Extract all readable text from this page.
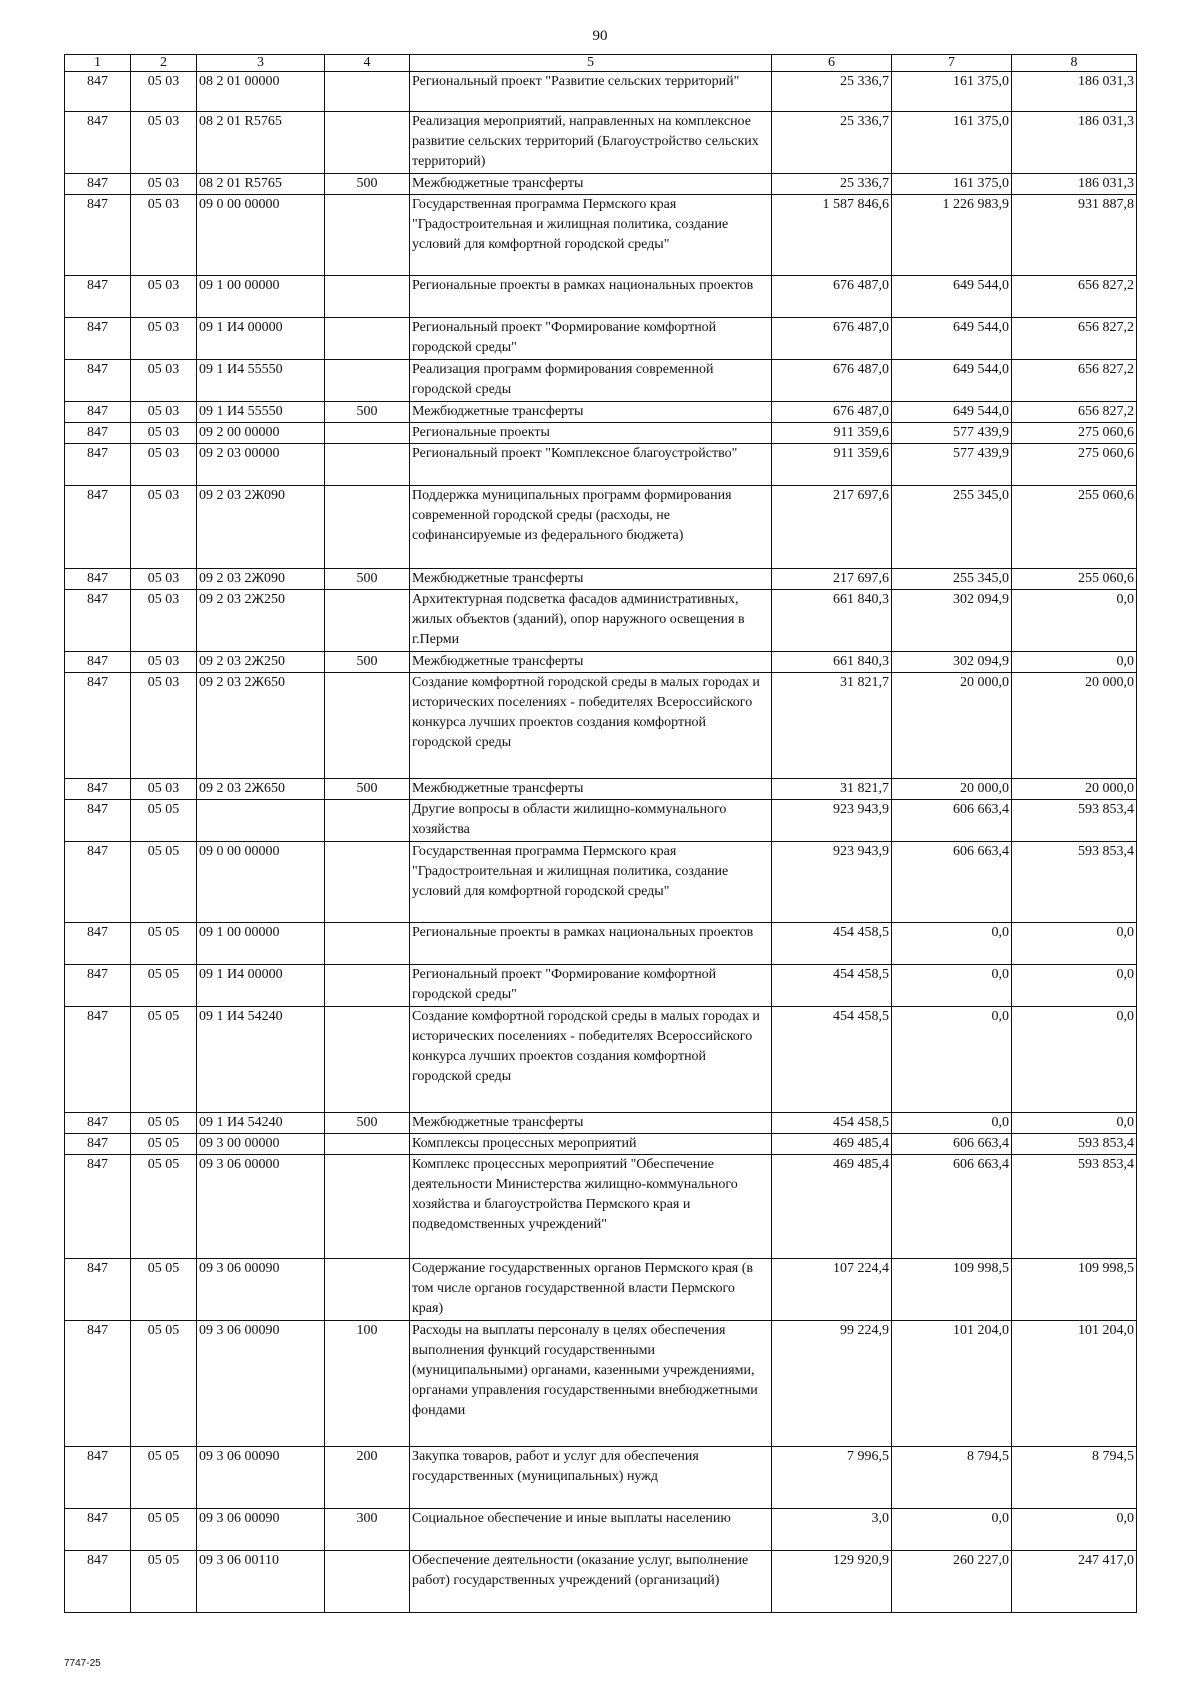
90
1	2	3	4	5	6	7	8
847	05 03	08 2 01 00000		Региональный проект "Развитие сельских территорий"	25 336,7	161 375,0	186 031,3
847	05 03	08 2 01 R5765		Реализация мероприятий, направленных на комплексное развитие сельских территорий (Благоустройство сельских территорий)	25 336,7	161 375,0	186 031,3
847	05 03	08 2 01 R5765	500	Межбюджетные трансферты	25 336,7	161 375,0	186 031,3
847	05 03	09 0 00 00000		Государственная программа Пермского края "Градостроительная и жилищная политика, создание условий для комфортной городской среды"	1 587 846,6	1 226 983,9	931 887,8
847	05 03	09 1 00 00000		Региональные проекты в рамках национальных проектов	676 487,0	649 544,0	656 827,2
847	05 03	09 1 И4 00000		Региональный проект "Формирование комфортной городской среды"	676 487,0	649 544,0	656 827,2
847	05 03	09 1 И4 55550		Реализация программ формирования современной городской среды	676 487,0	649 544,0	656 827,2
847	05 03	09 1 И4 55550	500	Межбюджетные трансферты	676 487,0	649 544,0	656 827,2
847	05 03	09 2 00 00000		Региональные проекты	911 359,6	577 439,9	275 060,6
847	05 03	09 2 03 00000		Региональный проект "Комплексное благоустройство"	911 359,6	577 439,9	275 060,6
847	05 03	09 2 03 2Ж090		Поддержка муниципальных программ формирования современной городской среды (расходы, не софинансируемые из федерального бюджета)	217 697,6	255 345,0	255 060,6
847	05 03	09 2 03 2Ж090	500	Межбюджетные трансферты	217 697,6	255 345,0	255 060,6
847	05 03	09 2 03 2Ж250		Архитектурная подсветка фасадов административных, жилых объектов (зданий), опор наружного освещения в г.Перми	661 840,3	302 094,9	0,0
847	05 03	09 2 03 2Ж250	500	Межбюджетные трансферты	661 840,3	302 094,9	0,0
847	05 03	09 2 03 2Ж650		Создание комфортной городской среды в малых городах и исторических поселениях - победителях Всероссийского конкурса лучших проектов создания комфортной городской среды	31 821,7	20 000,0	20 000,0
847	05 03	09 2 03 2Ж650	500	Межбюджетные трансферты	31 821,7	20 000,0	20 000,0
847	05 05			Другие вопросы в области жилищно-коммунального хозяйства	923 943,9	606 663,4	593 853,4
847	05 05	09 0 00 00000		Государственная программа Пермского края "Градостроительная и жилищная политика, создание условий для комфортной городской среды"	923 943,9	606 663,4	593 853,4
847	05 05	09 1 00 00000		Региональные проекты в рамках национальных проектов	454 458,5	0,0	0,0
847	05 05	09 1 И4 00000		Региональный проект "Формирование комфортной городской среды"	454 458,5	0,0	0,0
847	05 05	09 1 И4 54240		Создание комфортной городской среды в малых городах и исторических поселениях - победителях Всероссийского конкурса лучших проектов создания комфортной городской среды	454 458,5	0,0	0,0
847	05 05	09 1 И4 54240	500	Межбюджетные трансферты	454 458,5	0,0	0,0
847	05 05	09 3 00 00000		Комплексы процессных мероприятий	469 485,4	606 663,4	593 853,4
847	05 05	09 3 06 00000		Комплекс процессных мероприятий "Обеспечение деятельности Министерства жилищно-коммунального хозяйства и благоустройства Пермского края и подведомственных учреждений"	469 485,4	606 663,4	593 853,4
847	05 05	09 3 06 00090		Содержание государственных органов Пермского края (в том числе органов государственной власти Пермского края)	107 224,4	109 998,5	109 998,5
847	05 05	09 3 06 00090	100	Расходы на выплаты персоналу в целях обеспечения выполнения функций государственными (муниципальными) органами, казенными учреждениями, органами управления государственными внебюджетными фондами	99 224,9	101 204,0	101 204,0
847	05 05	09 3 06 00090	200	Закупка товаров, работ и услуг для обеспечения государственных (муниципальных) нужд	7 996,5	8 794,5	8 794,5
847	05 05	09 3 06 00090	300	Социальное обеспечение и иные выплаты населению	3,0	0,0	0,0
847	05 05	09 3 06 00110		Обеспечение деятельности (оказание услуг, выполнение работ) государственных учреждений (организаций)	129 920,9	260 227,0	247 417,0
7747-25
